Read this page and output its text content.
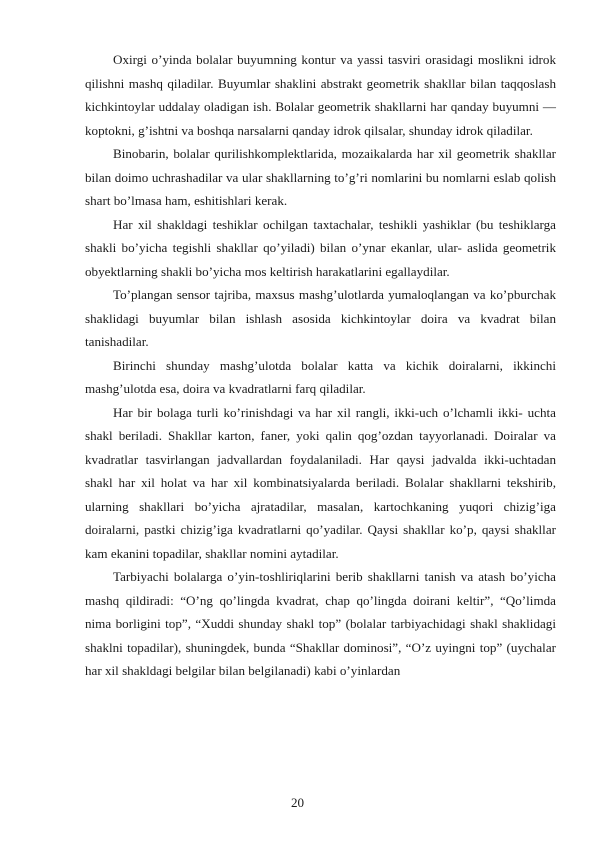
Oxirgi o’yinda bolalar buyumning kontur va yassi tasviri orasidagi moslikni idrok qilishni mashq qiladilar. Buyumlar shaklini abstrakt geometrik shakllar bilan taqqoslash kichkintoylar uddalay oladigan ish. Bolalar geometrik shakllarni har qanday buyumni — koptokni, g’ishtni va boshqa narsalarni qanday idrok qilsalar, shunday idrok qiladilar.

Binobarin, bolalar qurilishkomplektlarida, mozaikalarda har xil geometrik shakllar bilan doimo uchrashadilar va ular shakllarning to’g’ri nomlarini bu nomlarni eslab qolish shart bo’lmasa ham, eshitishlari kerak.

Har xil shakldagi teshiklar ochilgan taxtachalar, teshikli yashiklar (bu teshiklarga shakli bo’yicha tegishli shakllar qo’yiladi) bilan o’ynar ekanlar, ular- aslida geometrik obyektlarning shakli bo’yicha mos keltirish harakatlarini egallaydilar.

To’plangan sensor tajriba, maxsus mashg’ulotlarda yumaloqlangan va ko’pburchak shaklidagi buyumlar bilan ishlash asosida kichkintoylar doira va kvadrat bilan tanishadilar.

Birinchi shunday mashg’ulotda bolalar katta va kichik doiralarni, ikkinchi mashg’ulotda esa, doira va kvadratlarni farq qiladilar.

Har bir bolaga turli ko’rinishdagi va har xil rangli, ikki-uch o’lchamli ikki- uchta shakl beriladi. Shakllar karton, faner, yoki qalin qog’ozdan tayyorlanadi. Doiralar va kvadratlar tasvirlangan jadvallardan foydalaniladi. Har qaysi jadvalda ikki-uchtadan shakl har xil holat va har xil kombinatsiyalarda beriladi. Bolalar shakllarni tekshirib, ularning shakllari bo’yicha ajratadilar, masalan, kartochkaning yuqori chizig’iga doiralarni, pastki chizig’iga kvadratlarni qo’yadilar. Qaysi shakllar ko’p, qaysi shakllar kam ekanini topadilar, shakllar nomini aytadilar.

Tarbiyachi bolalarga o’yin-toshliriqlarini berib shakllarni tanish va atash bo’yicha mashq qildiradi: “O’ng qo’lingda kvadrat, chap qo’lingda doirani keltir”, “Qo’limda nima borligini top”, “Xuddi shunday shakl top” (bolalar tarbiyachidagi shakl shaklidagi shaklni topadilar), shuningdek, bunda “Shakllar dominosi”, “O’z uyingni top” (uychalar har xil shakldagi belgilar bilan belgilanadi) kabi o’yinlardan

20
